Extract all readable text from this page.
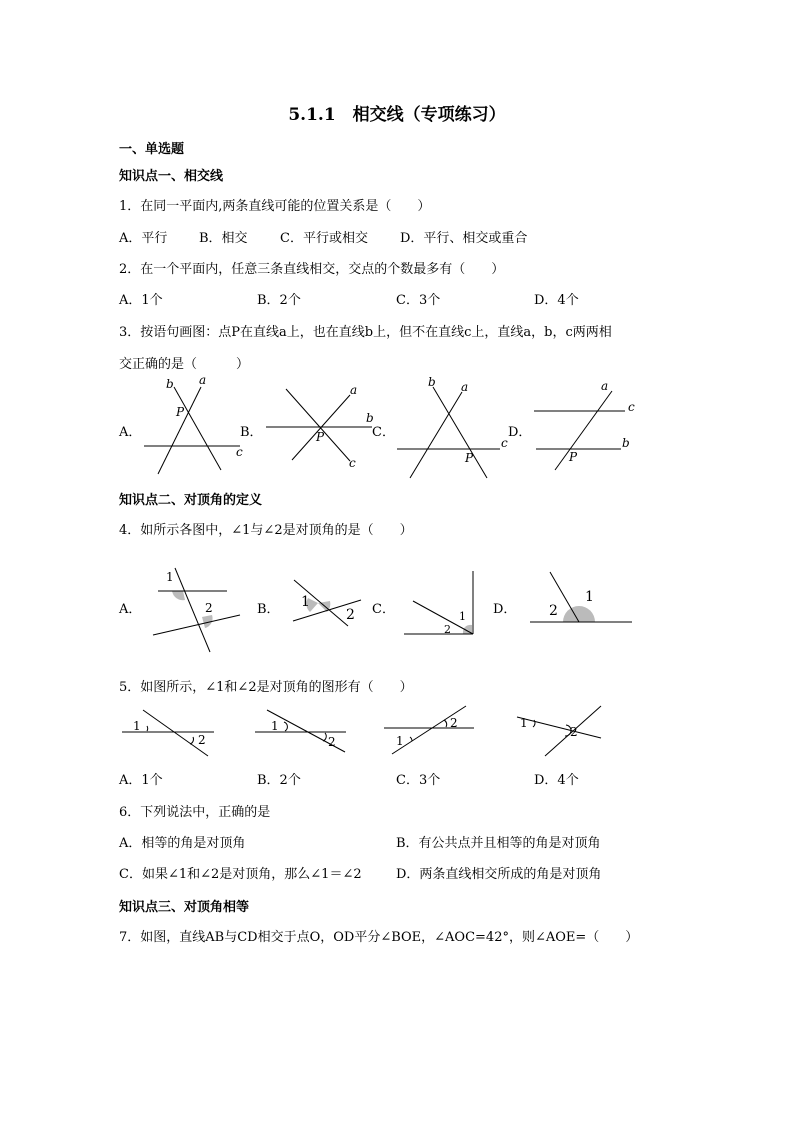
5.1.1　相交线（专项练习）
一、单选题
知识点一、相交线
1．在同一平面内,两条直线可能的位置关系是（　　）
A．平行 B．相交 C．平行或相交 D．平行、相交或重合
2．在一个平面内，任意三条直线相交，交点的个数最多有（　　）
A．1个	B．2个	C．3个	D．4个
3．按语句画图：点P在直线a上，也在直线b上，但不在直线c上，直线a，b，c两两相
交正确的是（　　　）
A．	B．	C．	D．
b a
P
c
a
b
P
c
b a
c
P
a
c
b
P
知识点二、对顶角的定义
4．如所示各图中，∠1与∠2是对顶角的是（　　）
A．	B．	C．	D．
1
2	1
2	1
2
2
1
5．如图所示，∠1和∠2是对顶角的图形有（　　）
1
2
1
2
2
1
1
2
A．1个	B．2个	C．3个	D．4个
6．下列说法中，正确的是
A．相等的角是对顶角	B．有公共点并且相等的角是对顶角
C．如果∠1和∠2是对顶角，那么∠1＝∠2	D．两条直线相交所成的角是对顶角
知识点三、对顶角相等
7．如图，直线AB与CD相交于点O，OD平分∠BOE，∠AOC=42°，则∠AOE=（　　）
